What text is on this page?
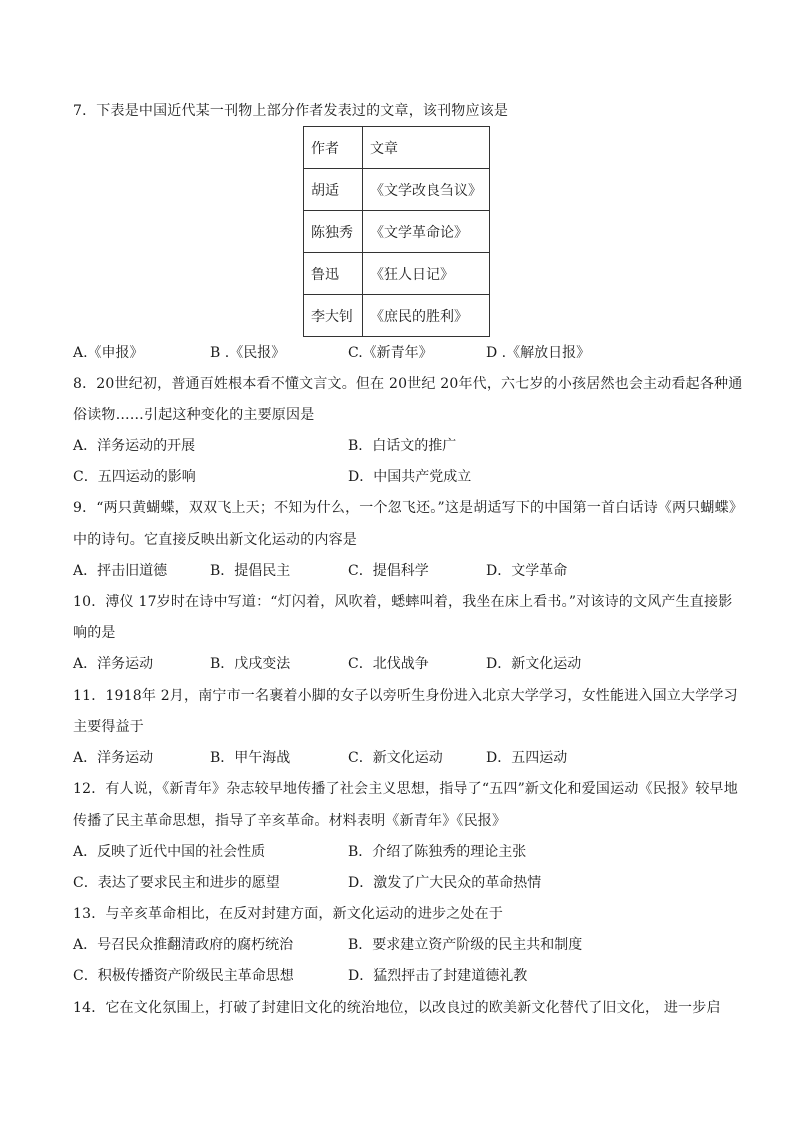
7．下表是中国近代某一刊物上部分作者发表过的文章，该刊物应该是
作者	文章
胡适	《文学改良刍议》
陈独秀	《文学革命论》
鲁迅	《狂人日记》
李大钊	《庶民的胜利》
A.《申报》	B .《民报》	C.《新青年》	D .《解放日报》
8．20世纪初，普通百姓根本看不懂文言文。但在 20世纪 20年代，六七岁的小孩居然也会主动看起各种通
俗读物……引起这种变化的主要原因是
A．洋务运动的开展	B．白话文的推广
C．五四运动的影响	D．中国共产党成立
9．“两只黄蝴蝶，双双飞上天；不知为什么，一个忽飞还。”这是胡适写下的中国第一首白话诗《两只蝴蝶》
中的诗句。它直接反映出新文化运动的内容是
A．抨击旧道德	B．提倡民主	C．提倡科学	D．文学革命
10．溥仪 17岁时在诗中写道：“灯闪着，风吹着，蟋蟀叫着，我坐在床上看书。”对该诗的文风产生直接影
响的是
A．洋务运动	B．戊戌变法	C．北伐战争	D．新文化运动
11．1918年 2月，南宁市一名裹着小脚的女子以旁听生身份进入北京大学学习，女性能进入国立大学学习
主要得益于
A．洋务运动	B．甲午海战	C．新文化运动	D．五四运动
12．有人说，《新青年》杂志较早地传播了社会主义思想，指导了“五四”新文化和爱国运动《民报》较早地
传播了民主革命思想，指导了辛亥革命。材料表明《新青年》《民报》
A．反映了近代中国的社会性质	B．介绍了陈独秀的理论主张
C．表达了要求民主和进步的愿望	D．激发了广大民众的革命热情
13．与辛亥革命相比，在反对封建方面，新文化运动的进步之处在于
A．号召民众推翻清政府的腐朽统治	B．要求建立资产阶级的民主共和制度
C．积极传播资产阶级民主革命思想	D．猛烈抨击了封建道德礼教
14．它在文化氛围上，打破了封建旧文化的统治地位，以改良过的欧美新文化替代了旧文化， 进一步启
